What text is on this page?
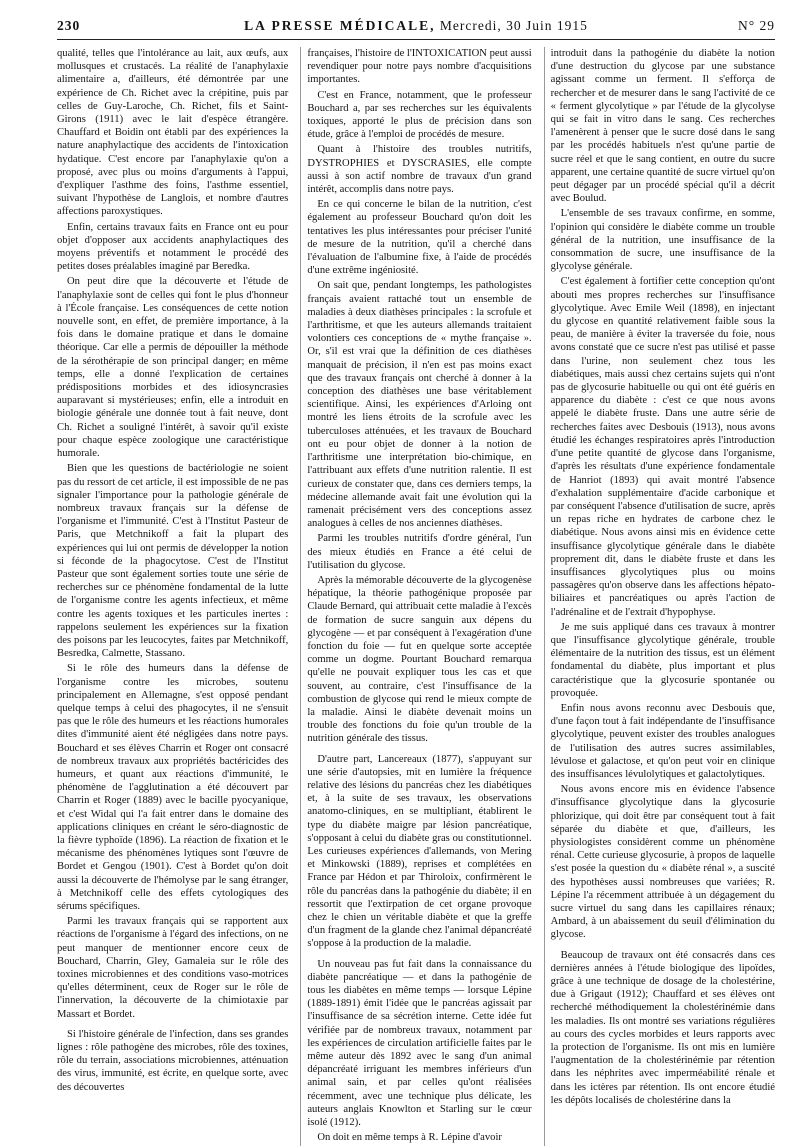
230	LA PRESSE MÉDICALE, Mercredi, 30 Juin 1915	N° 29

qualité, telles que l'intolérance au lait, aux œufs, aux mollusques et crustacés. La réalité de l'anaphylaxie alimentaire a, d'ailleurs, été démontrée par une expérience de Ch. Richet avec la crépitine, puis par celles de Guy-Laroche, Ch. Richet, fils et Saint-Girons (1911) avec le lait d'espèce étrangère. Chauffard et Boidin ont établi par des expériences la nature anaphylactique des accidents de l'intoxication hydatique. C'est encore par l'anaphylaxie qu'on a proposé, avec plus ou moins d'arguments à l'appui, d'expliquer l'asthme des foins, l'asthme essentiel, suivant l'hypothèse de Langlois, et nombre d'autres affections paroxystiques.

Enfin, certains travaux faits en France ont eu pour objet d'opposer aux accidents anaphylactiques des moyens préventifs et notamment le procédé des petites doses préalables imaginé par Beredka.

On peut dire que la découverte et l'étude de l'anaphylaxie sont de celles qui font le plus d'honneur à l'École française. Les conséquences de cette notion nouvelle sont, en effet, de première importance, à la fois dans le domaine pratique et dans le domaine théorique. Car elle a permis de dépouiller la méthode de la sérothérapie de son principal danger; en même temps, elle a donné l'explication de certaines prédispositions morbides et des idiosyncrasies auparavant si mystérieuses; enfin, elle a introduit en biologie générale une donnée tout à fait neuve, dont Ch. Richet a souligné l'intérêt, à savoir qu'il existe pour chaque espèce zoologique une caractéristique humorale.

Bien que les questions de bactériologie ne soient pas du ressort de cet article, il est impossible de ne pas signaler l'importance pour la pathologie générale de nombreux travaux français sur la défense de l'organisme et l'immunité. C'est à l'Institut Pasteur de Paris, que Metchnikoff a fait la plupart des expériences qui lui ont permis de développer la notion si féconde de la phagocytose. C'est de l'Institut Pasteur que sont également sorties toute une série de recherches sur ce phénomène fondamental de la lutte de l'organisme contre les agents infectieux, et même contre les agents toxiques et les particules inertes : rappelons seulement les expériences sur la fixation des poisons par les leucocytes, faites par Metchnikoff, Besredka, Calmette, Stassano.

Si le rôle des humeurs dans la défense de l'organisme contre les microbes, soutenu principalement en Allemagne, s'est opposé pendant quelque temps à celui des phagocytes, il ne s'ensuit pas que le rôle des humeurs et les réactions humorales dites d'immunité aient été négligées dans notre pays. Bouchard et ses élèves Charrin et Roger ont consacré de nombreux travaux aux propriétés bactéricides des humeurs, et quant aux réactions d'immunité, le phénomène de l'agglutination a été découvert par Charrin et Roger (1889) avec le bacille pyocyanique, et c'est Widal qui l'a fait entrer dans le domaine des applications cliniques en créant le séro-diagnostic de la fièvre typhoïde (1896). La réaction de fixation et le mécanisme des phénomènes lytiques sont l'œuvre de Bordet et Gengou (1901). C'est à Bordet qu'on doit aussi la découverte de l'hémolyse par le sang étranger, à Metchnikoff celle des effets cytologiques des sérums spécifiques.

Parmi les travaux français qui se rapportent aux réactions de l'organisme à l'égard des infections, on ne peut manquer de mentionner encore ceux de Bouchard, Charrin, Gley, Gamaleia sur le rôle des toxines microbiennes et des conditions vaso-motrices qu'elles déterminent, ceux de Roger sur le rôle de l'innervation, la découverte de la chimiotaxie par Massart et Bordet.

Si l'histoire générale de l'infection, dans ses grandes lignes : rôle pathogène des microbes, rôle des toxines, rôle du terrain, associations microbiennes, atténuation des virus, immunité, est écrite, en quelque sorte, avec des découvertes

françaises, l'histoire de l'INTOXICATION peut aussi revendiquer pour notre pays nombre d'acquisitions importantes.

C'est en France, notamment, que le professeur Bouchard a, par ses recherches sur les équivalents toxiques, apporté le plus de précision dans son étude, grâce à l'emploi de procédés de mesure.

Quant à l'histoire des troubles nutritifs, DYSTROPHIES et DYSCRASIES, elle compte aussi à son actif nombre de travaux d'un grand intérêt, accomplis dans notre pays.

En ce qui concerne le bilan de la nutrition, c'est également au professeur Bouchard qu'on doit les tentatives les plus intéressantes pour préciser l'unité de mesure de la nutrition, qu'il a cherché dans l'évaluation de l'albumine fixe, à l'aide de procédés d'une extrême ingéniosité.

On sait que, pendant longtemps, les pathologistes français avaient rattaché tout un ensemble de maladies à deux diathèses principales : la scrofule et l'arthritisme, et que les auteurs allemands traitaient volontiers ces conceptions de « mythe française ». Or, s'il est vrai que la définition de ces diathèses manquait de précision, il n'en est pas moins exact que des travaux français ont cherché à donner à la conception des diathèses une base véritablement scientifique. Ainsi, les expériences d'Arloing ont montré les liens étroits de la scrofule avec les tuberculoses atténuées, et les travaux de Bouchard ont eu pour objet de donner à la notion de l'arthritisme une interprétation bio-chimique, en l'attribuant aux effets d'une nutrition ralentie. Il est curieux de constater que, dans ces derniers temps, la médecine allemande avait fait une évolution qui la ramenait précisément vers des conceptions assez analogues à celles de nos anciennes diathèses.

Parmi les troubles nutritifs d'ordre général, l'un des mieux étudiés en France a été celui de l'utilisation du glycose.

Après la mémorable découverte de la glycogenèse hépatique, la théorie pathogénique proposée par Claude Bernard, qui attribuait cette maladie à l'excès de formation de sucre sanguin aux dépens du glycogène — et par conséquent à l'exagération d'une fonction du foie — fut en quelque sorte acceptée comme un dogme. Pourtant Bouchard remarqua qu'elle ne pouvait expliquer tous les cas et que souvent, au contraire, c'est l'insuffisance de la combustion de glycose qui rend le mieux compte de la maladie. Ainsi le diabète devenait moins un trouble des fonctions du foie qu'un trouble de la nutrition générale des tissus.

D'autre part, Lancereaux (1877), s'appuyant sur une série d'autopsies, mit en lumière la fréquence relative des lésions du pancréas chez les diabétiques et, à la suite de ses travaux, les observations anatomo-cliniques, en se multipliant, établirent le type du diabète maigre par lésion pancréatique, s'opposant à celui du diabète gras ou constitutionnel. Les curieuses expériences d'allemands, von Mering et Minkowski (1889), reprises et complétées en France par Hédon et par Thiroloix, confirmèrent le rôle du pancréas dans la pathogénie du diabète; il en ressortit que l'extirpation de cet organe provoque chez le chien un véritable diabète et que la greffe d'un fragment de la glande chez l'animal dépancréaté s'oppose à la production de la maladie.

Un nouveau pas fut fait dans la connaissance du diabète pancréatique — et dans la pathogénie de tous les diabètes en même temps — lorsque Lépine (1889-1891) émit l'idée que le pancréas agissait par l'insuffisance de sa sécrétion interne. Cette idée fut vérifiée par de nombreux travaux, notamment par les expériences de circulation artificielle faites par le même auteur dès 1892 avec le sang d'un animal dépancréaté irriguant les membres inférieurs d'un animal sain, et par celles qu'ont réalisées récemment, avec une technique plus délicate, les auteurs anglais Knowlton et Starling sur le cœur isolé (1912).

On doit en même temps à R. Lépine d'avoir

introduit dans la pathogénie du diabète la notion d'une destruction du glycose par une substance agissant comme un ferment. Il s'efforça de rechercher et de mesurer dans le sang l'activité de ce « ferment glycolytique » par l'étude de la glycolyse qui se fait in vitro dans le sang. Ces recherches l'amenèrent à penser que le sucre dosé dans le sang par les procédés habituels n'est qu'une partie de sucre réel et que le sang contient, en outre du sucre apparent, une certaine quantité de sucre virtuel qu'on peut dégager par un procédé spécial qu'il a décrit avec Boulud.

L'ensemble de ses travaux confirme, en somme, l'opinion qui considère le diabète comme un trouble général de la nutrition, une insuffisance de la consommation de sucre, une insuffisance de la glycolyse générale.

C'est également à fortifier cette conception qu'ont abouti mes propres recherches sur l'insuffisance glycolytique. Avec Emile Weil (1898), en injectant du glycose en quantité relativement faible sous la peau, de manière à éviter la traversée du foie, nous avons constaté que ce sucre n'est pas utilisé et passe dans l'urine, non seulement chez tous les diabétiques, mais aussi chez certains sujets qui n'ont pas de glycosurie habituelle ou qui ont été guéris en apparence du diabète : c'est ce que nous avons appelé le diabète fruste. Dans une autre série de recherches faites avec Desbouis (1913), nous avons étudié les échanges respiratoires après l'introduction d'une petite quantité de glycose dans l'organisme, d'après les résultats d'une expérience fondamentale de Hanriot (1893) qui avait montré l'absence d'exhalation supplémentaire d'acide carbonique et par conséquent l'absence d'utilisation de sucre, après un repas riche en hydrates de carbone chez le diabétique. Nous avons ainsi mis en évidence cette insuffisance glycolytique générale dans le diabète proprement dit, dans le diabète fruste et dans les insuffisances glycolytiques plus ou moins passagères qu'on observe dans les affections hépato-biliaires et pancréatiques ou après l'action de l'adrénaline et de l'extrait d'hypophyse.

Je me suis appliqué dans ces travaux à montrer que l'insuffisance glycolytique générale, trouble élémentaire de la nutrition des tissus, est un élément fondamental du diabète, plus important et plus caractéristique que la glycosurie spontanée ou provoquée.

Enfin nous avons reconnu avec Desbouis que, d'une façon tout à fait indépendante de l'insuffisance glycolytique, peuvent exister des troubles analogues de l'utilisation des autres sucres assimilables, lévulose et galactose, et qu'on peut voir en clinique des insuffisances lévulolytiques et galactolytiques.

Nous avons encore mis en évidence l'absence d'insuffisance glycolytique dans la glycosurie phlorizique, qui doit être par conséquent tout à fait séparée du diabète et que, d'ailleurs, les physiologistes considèrent comme un phénomène rénal. Cette curieuse glycosurie, à propos de laquelle s'est posée la question du « diabète rénal », a suscité des hypothèses aussi nombreuses que variées; R. Lépine l'a récemment attribuée à un dégagement du sucre virtuel du sang dans les capillaires rénaux; Ambard, à un abaissement du seuil d'élimination du glycose.

Beaucoup de travaux ont été consacrés dans ces dernières années à l'étude biologique des lipoïdes, grâce à une technique de dosage de la cholestérine, due à Grigaut (1912); Chauffard et ses élèves ont recherché méthodiquement la cholestérinémie dans les maladies. Ils ont montré ses variations régulières au cours des cycles morbides et leurs rapports avec la protection de l'organisme. Ils ont mis en lumière l'augmentation de la cholestérinémie par rétention dans les néphrites avec imperméabilité rénale et dans les ictères par rétention. Ils ont encore étudié les dépôts localisés de cholestérine dans la
